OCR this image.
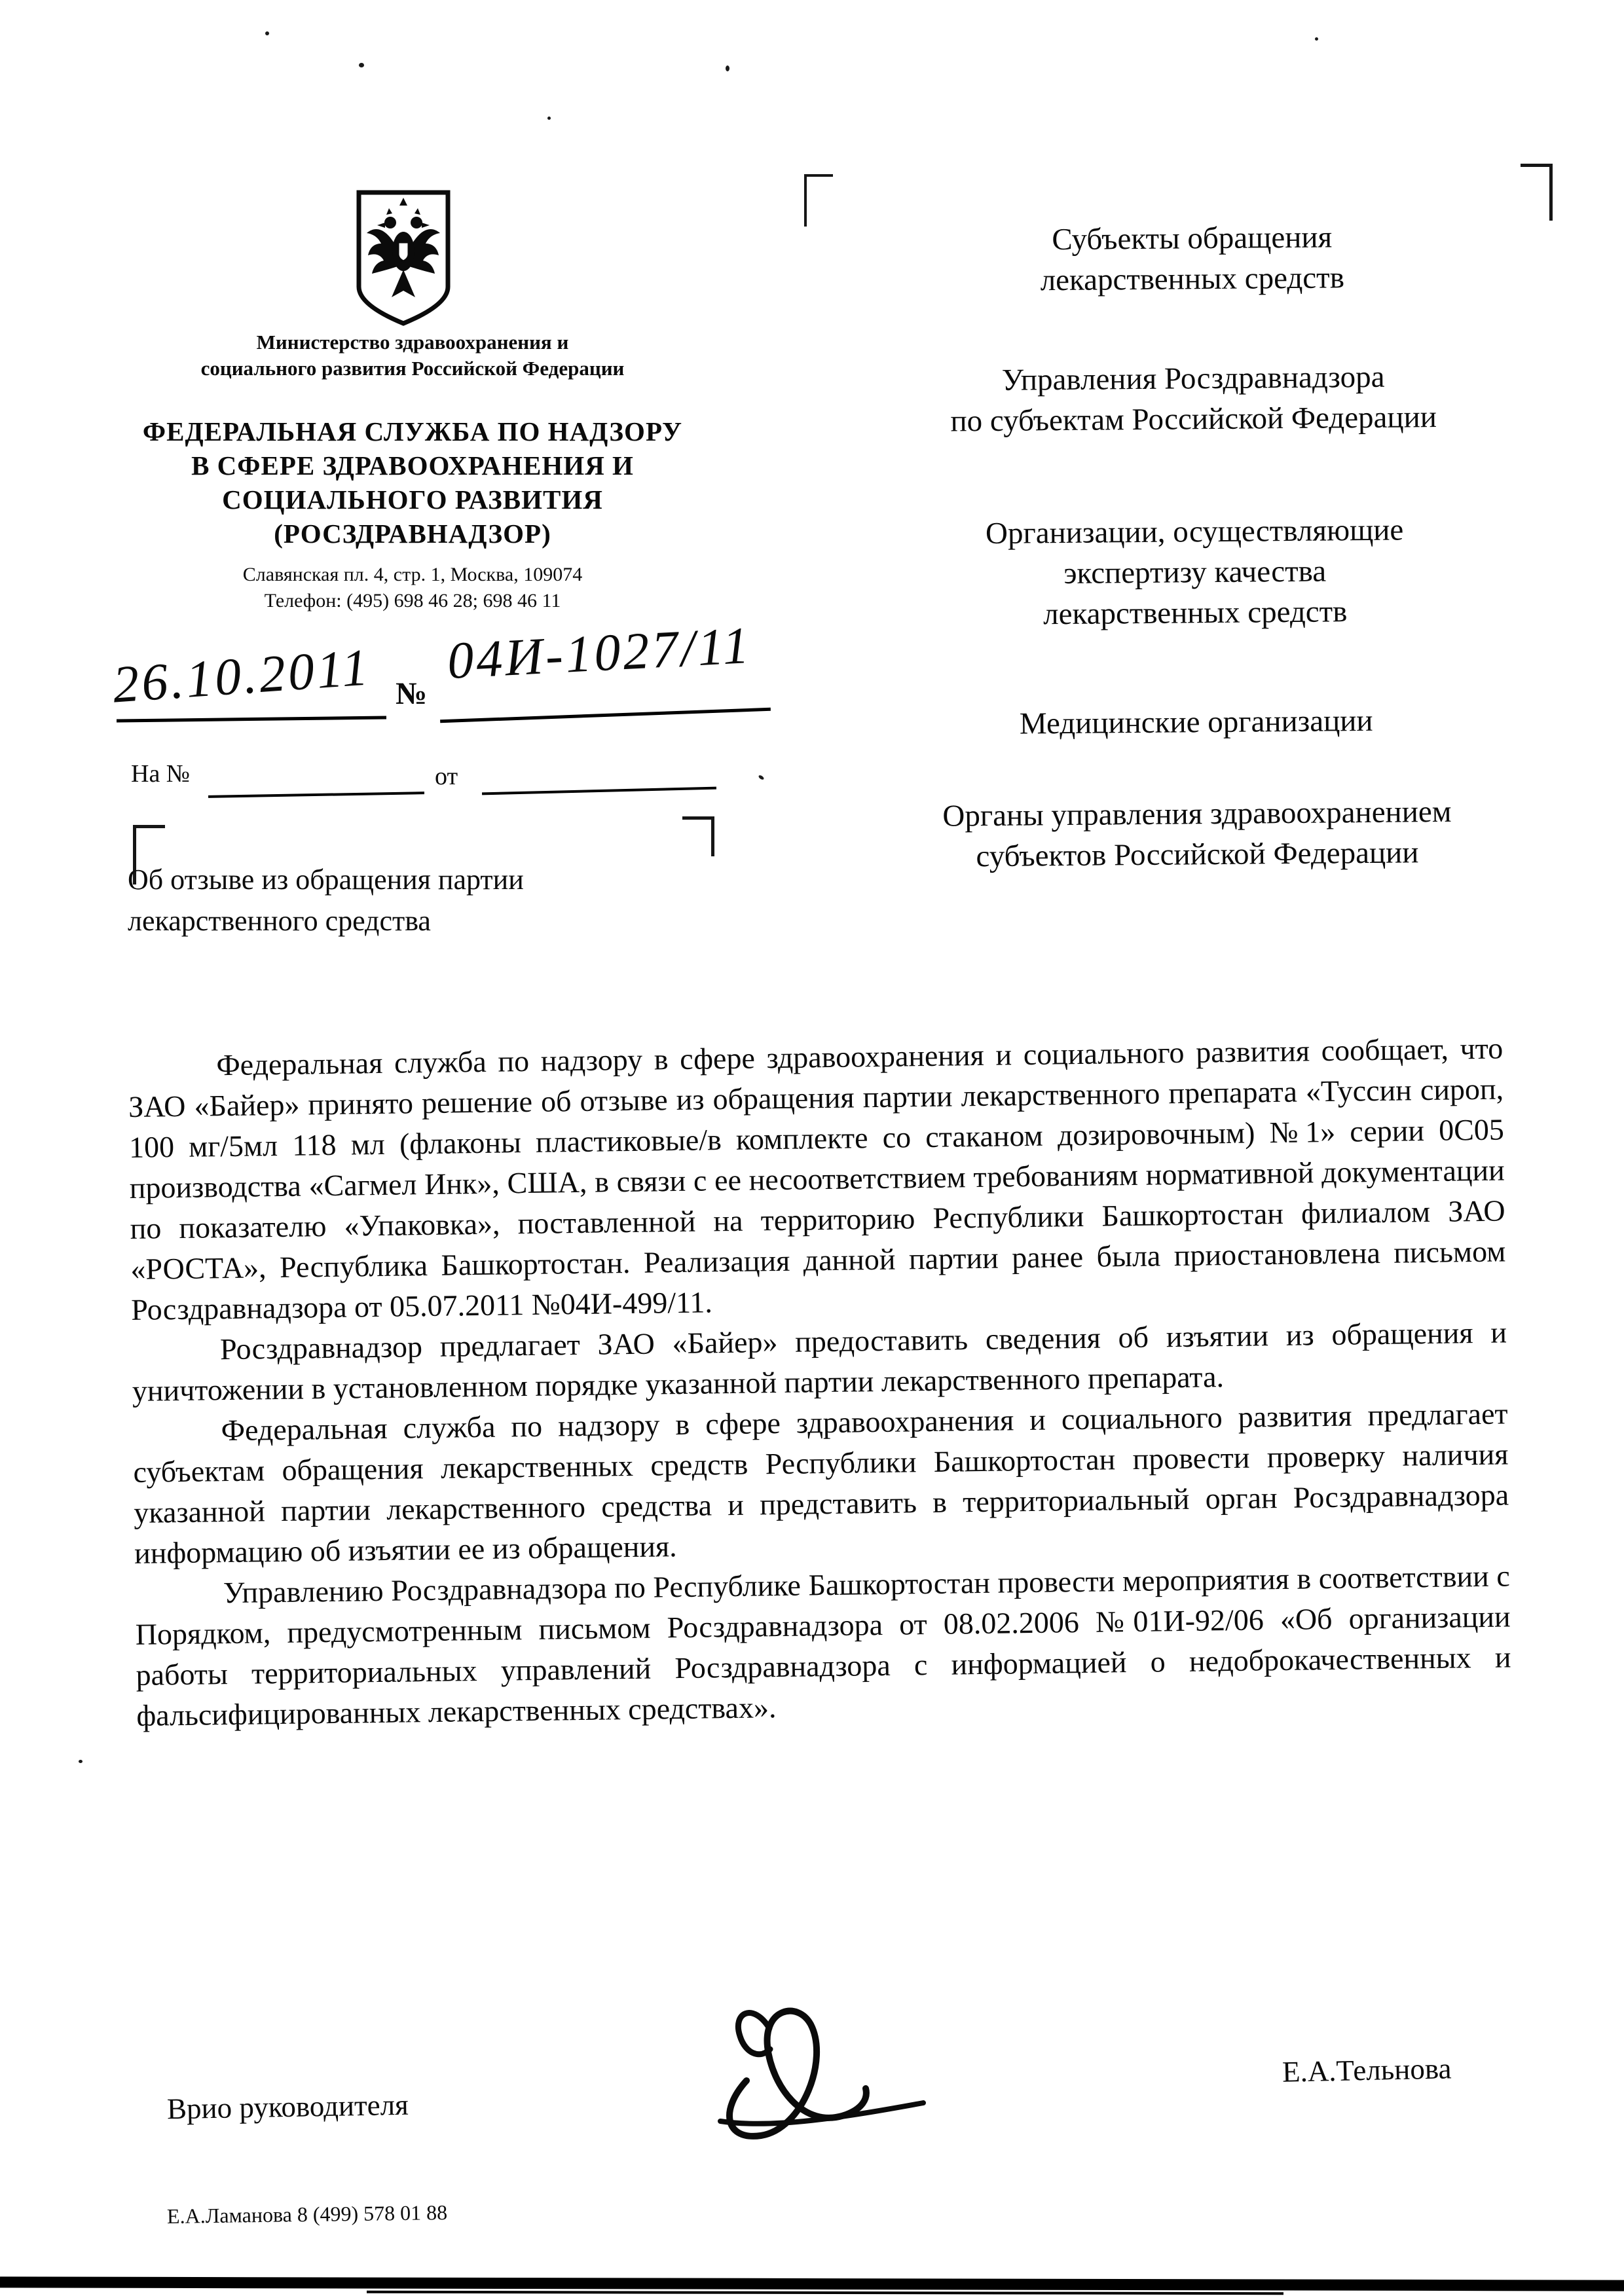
Министерство здравоохранения и
социального развития Российской Федерации
ФЕДЕРАЛЬНАЯ СЛУЖБА ПО НАДЗОРУ
В СФЕРЕ ЗДРАВООХРАНЕНИЯ И
СОЦИАЛЬНОГО РАЗВИТИЯ
(РОСЗДРАВНАДЗОР)
Славянская пл. 4, стр. 1, Москва, 109074
Телефон: (495) 698 46 28; 698 46 11
26.10.2011 №
04И-1027/11
На №	от
Об отзыве из обращения партии
лекарственного средства
Субъекты обращения
лекарственных средств
Управления Росздравнадзора
по субъектам Российской Федерации
Организации, осуществляющие
экспертизу качества
лекарственных средств
Медицинские организации
Органы управления здравоохранением
субъектов Российской Федерации

Федеральная служба по надзору в сфере здравоохранения и социального развития сообщает, что ЗАО «Байер» принято решение об отзыве из обращения партии лекарственного препарата «Туссин сироп, 100 мг/5мл 118 мл (флаконы пластиковые/в комплекте со стаканом дозировочным) №1» серии 0С05 производства «Сагмел Инк», США, в связи с ее несоответствием требованиям нормативной документации по показателю «Упаковка», поставленной на территорию Республики Башкортостан филиалом ЗАО «РОСТА», Республика Башкортостан. Реализация данной партии ранее была приостановлена письмом Росздравнадзора от 05.07.2011 №04И-499/11.

Росздравнадзор предлагает ЗАО «Байер» предоставить сведения об изъятии из обращения и уничтожении в установленном порядке указанной партии лекарственного препарата.

Федеральная служба по надзору в сфере здравоохранения и социального развития предлагает субъектам обращения лекарственных средств Республики Башкортостан провести проверку наличия указанной партии лекарственного средства и представить в территориальный орган Росздравнадзора информацию об изъятии ее из обращения.

Управлению Росздравнадзора по Республике Башкортостан провести мероприятия в соответствии с Порядком, предусмотренным письмом Росздравнадзора от 08.02.2006 №01И-92/06 «Об организации работы территориальных управлений Росздравнадзора с информацией о недоброкачественных и фальсифицированных лекарственных средствах».

Врио руководителя
Е.А.Тельнова
Е.А.Ламанова 8 (499) 578 01 88
